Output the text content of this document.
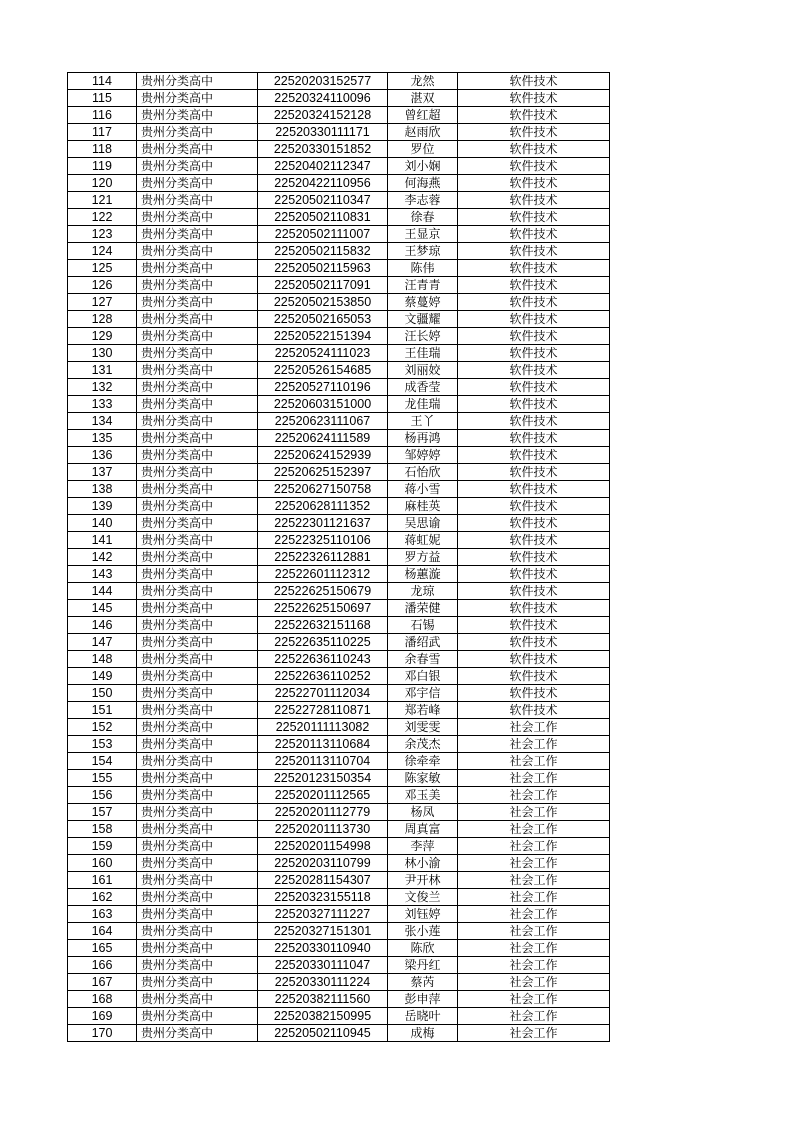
114	贵州分类高中	22520203152577	龙然	软件技术
115	贵州分类高中	22520324110096	湛双	软件技术
116	贵州分类高中	22520324152128	曾红超	软件技术
117	贵州分类高中	22520330111171	赵雨欣	软件技术
118	贵州分类高中	22520330151852	罗位	软件技术
119	贵州分类高中	22520402112347	刘小娴	软件技术
120	贵州分类高中	22520422110956	何海燕	软件技术
121	贵州分类高中	22520502110347	李志蓉	软件技术
122	贵州分类高中	22520502110831	徐春	软件技术
123	贵州分类高中	22520502111007	王显京	软件技术
124	贵州分类高中	22520502115832	王梦琼	软件技术
125	贵州分类高中	22520502115963	陈伟	软件技术
126	贵州分类高中	22520502117091	汪青青	软件技术
127	贵州分类高中	22520502153850	蔡蔓婷	软件技术
128	贵州分类高中	22520502165053	文疆耀	软件技术
129	贵州分类高中	22520522151394	汪长婷	软件技术
130	贵州分类高中	22520524111023	王佳瑞	软件技术
131	贵州分类高中	22520526154685	刘丽姣	软件技术
132	贵州分类高中	22520527110196	成香莹	软件技术
133	贵州分类高中	22520603151000	龙佳瑞	软件技术
134	贵州分类高中	22520623111067	王丫	软件技术
135	贵州分类高中	22520624111589	杨再鸿	软件技术
136	贵州分类高中	22520624152939	邹婷婷	软件技术
137	贵州分类高中	22520625152397	石怡欣	软件技术
138	贵州分类高中	22520627150758	蒋小雪	软件技术
139	贵州分类高中	22520628111352	麻桂英	软件技术
140	贵州分类高中	22522301121637	吴思谕	软件技术
141	贵州分类高中	22522325110106	蒋虹妮	软件技术
142	贵州分类高中	22522326112881	罗方益	软件技术
143	贵州分类高中	22522601112312	杨蕙漩	软件技术
144	贵州分类高中	22522625150679	龙琼	软件技术
145	贵州分类高中	22522625150697	潘荣健	软件技术
146	贵州分类高中	22522632151168	石锡	软件技术
147	贵州分类高中	22522635110225	潘绍武	软件技术
148	贵州分类高中	22522636110243	余春雪	软件技术
149	贵州分类高中	22522636110252	邓白银	软件技术
150	贵州分类高中	22522701112034	邓宇信	软件技术
151	贵州分类高中	22522728110871	郑若峰	软件技术
152	贵州分类高中	22520111113082	刘雯雯	社会工作
153	贵州分类高中	22520113110684	余茂杰	社会工作
154	贵州分类高中	22520113110704	徐牵牵	社会工作
155	贵州分类高中	22520123150354	陈家敏	社会工作
156	贵州分类高中	22520201112565	邓玉美	社会工作
157	贵州分类高中	22520201112779	杨凤	社会工作
158	贵州分类高中	22520201113730	周真富	社会工作
159	贵州分类高中	22520201154998	李萍	社会工作
160	贵州分类高中	22520203110799	林小渝	社会工作
161	贵州分类高中	22520281154307	尹开林	社会工作
162	贵州分类高中	22520323155118	文俊兰	社会工作
163	贵州分类高中	22520327111227	刘钰婷	社会工作
164	贵州分类高中	22520327151301	张小莲	社会工作
165	贵州分类高中	22520330110940	陈欣	社会工作
166	贵州分类高中	22520330111047	梁丹红	社会工作
167	贵州分类高中	22520330111224	蔡芮	社会工作
168	贵州分类高中	22520382111560	彭申萍	社会工作
169	贵州分类高中	22520382150995	岳晓叶	社会工作
170	贵州分类高中	22520502110945	成梅	社会工作
